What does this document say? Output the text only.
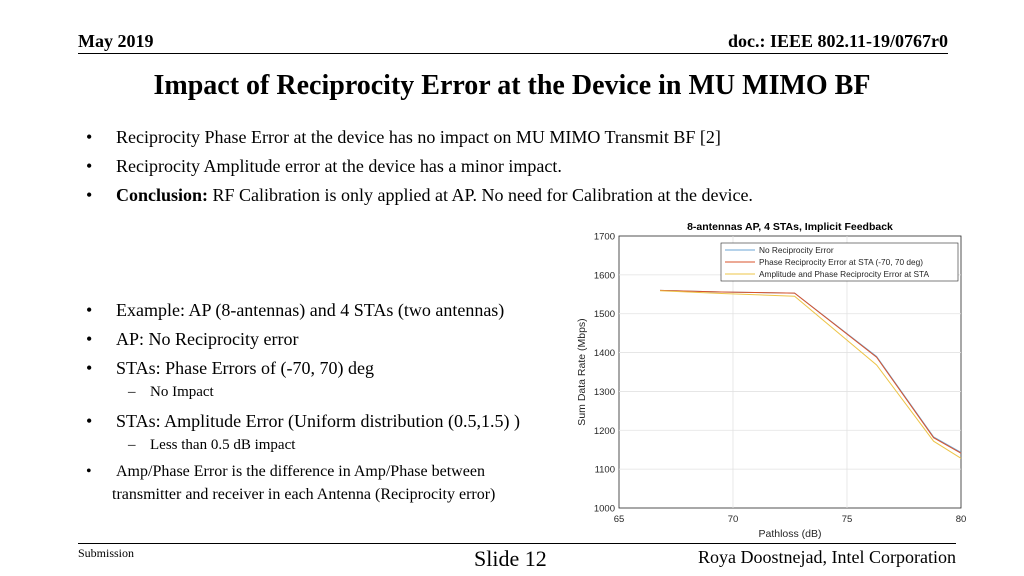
May 2019	doc.: IEEE 802.11-19/0767r0
Impact of Reciprocity Error at the Device in MU MIMO BF
•	Reciprocity Phase Error at the device has no impact on MU MIMO Transmit BF [2]
•	Reciprocity Amplitude error at the device has a minor impact.
•	Conclusion: RF Calibration is only applied at AP. No need for Calibration at the device.
•	Example: AP (8-antennas) and 4 STAs (two antennas)
•	AP: No Reciprocity error
•	STAs: Phase Errors of (-70, 70) deg
– No Impact
•	STAs: Amplitude Error (Uniform distribution (0.5,1.5) )
– Less than 0.5 dB impact
•	Amp/Phase Error is the difference in Amp/Phase between
transmitter and receiver in each Antenna (Reciprocity error)
65	70	75	80
1000
1100
1200
1300
1400
1500
1600
1700
Pathloss (dB)
Sum Data Rate (Mbps)
8-antennas AP, 4 STAs, Implicit Feedback
No Reciprocity Error
Phase Reciprocity Error at STA (-70, 70 deg)
Amplitude and Phase Reciprocity Error at STA
Submission	Slide 12	Roya Doostnejad, Intel Corporation
